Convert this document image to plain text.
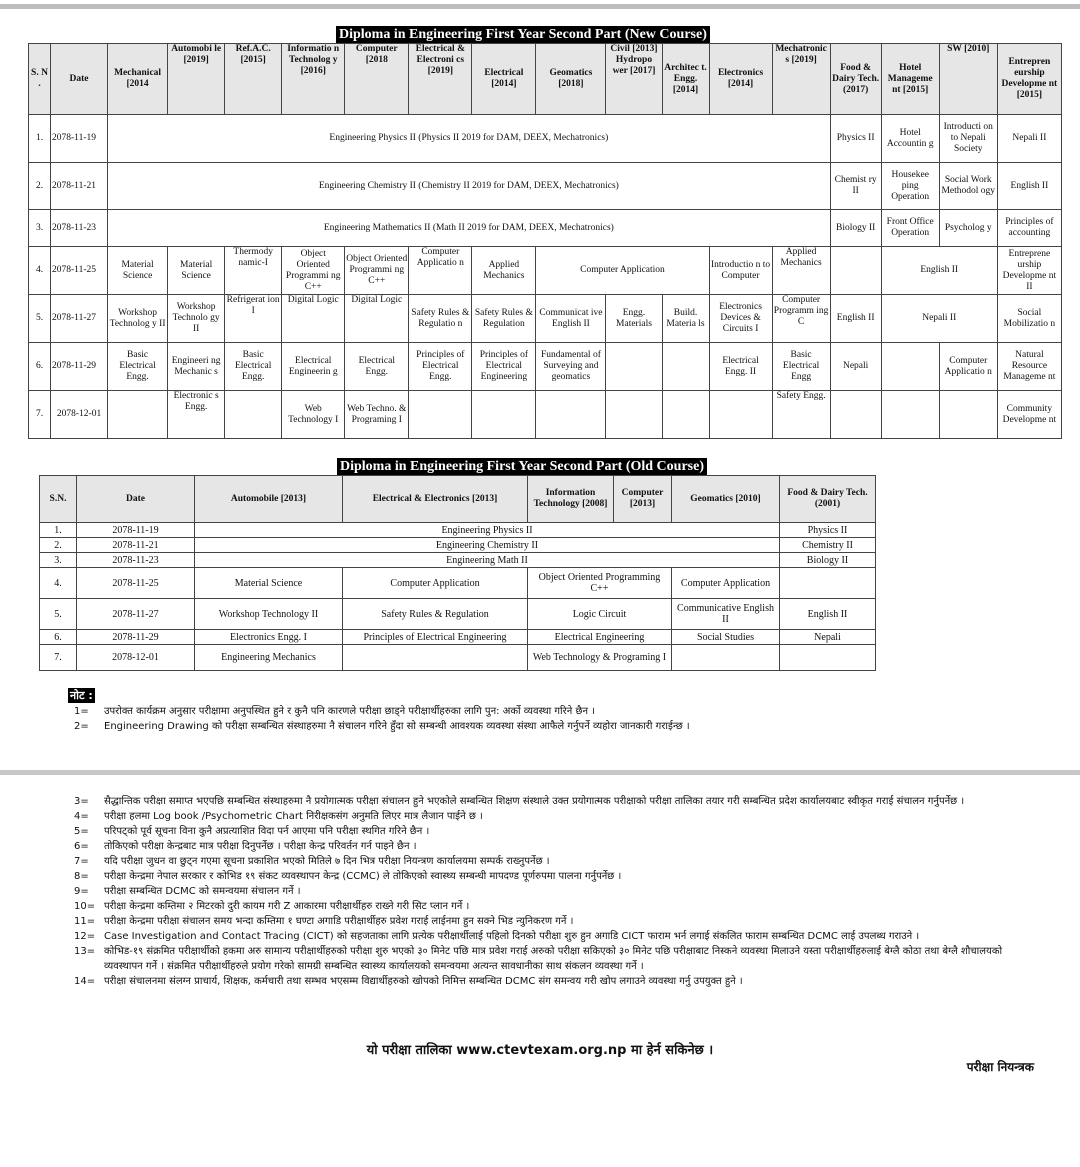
Diploma in Engineering First Year Second Part (New Course)
S. N .	Date	Mechanical [2014	Automobi le [2019]	Ref.A.C. [2015]	Informatio n Technolog y [2016]	Computer [2018	Electrical & Electroni cs [2019]	Electrical [2014]	Geomatics [2018]	Civil [2013] Hydropo wer [2017]	Architec t. Engg. [2014]	Electronics [2014]	Mechatronic s [2019]	Food & Dairy Tech. (2017)	Hotel Manageme nt [2015]	SW [2010]	Entrepren eurship Developme nt [2015]
1.	2078-11-19	Engineering Physics II (Physics II 2019 for DAM, DEEX, Mechatronics)												Physics II	Hotel Accountin g	Introducti on to Nepali Society	Nepali II
2.	2078-11-21	Engineering Chemistry II (Chemistry II 2019 for DAM, DEEX, Mechatronics)												Chemist ry II	Housekee ping Operation	Social Work Methodol ogy	English II
3.	2078-11-23	Engineering Mathematics II (Math II 2019 for DAM, DEEX, Mechatronics)												Biology II	Front Office Operation	Psycholog y	Principles of accounting
4.	2078-11-25	Material Science	Material Science	Thermody namic-I	Object Oriented Programmi ng C++	Object Oriented Programmi ng C++	Computer Applicatio n	Applied Mechanics	Computer Application			Introductio n to Computer	Applied Mechanics		English II		Entreprene urship Developme nt II
5.	2078-11-27	Workshop Technolog y II	Workshop Technolo gy II	Refrigerat ion I	Digital Logic	Digital Logic	Safety Rules & Regulatio n	Safety Rules & Regulation	Communicat ive English II	Engg. Materials	Build. Materia ls	Electronics Devices & Circuits I	Computer Programm ing C	English II	Nepali II		Social Mobilizatio n
6.	2078-11-29	Basic Electrical Engg.	Engineeri ng Mechanic s	Basic Electrical Engg.	Electrical Engineerin g	Electrical Engg.	Principles of Electrical Engg.	Principles of Electrical Engineering	Fundamental of Surveying and geomatics			Electrical Engg. II	Basic Electrical Engg	Nepali		Computer Applicatio n	Natural Resource Manageme nt
7.	2078-12-01		Electronic s Engg.		Web Technology I	Web Techno. & Programing I							Safety Engg.				Community Developme nt
Diploma in Engineering First Year Second Part (Old Course)
S.N.	Date	Automobile [2013]	Electrical & Electronics [2013]	Information Technology [2008]	Computer [2013]	Geomatics [2010]	Food & Dairy Tech. (2001)
1.	2078-11-19	Engineering Physics II					Physics II
2.	2078-11-21	Engineering Chemistry II					Chemistry II
3.	2078-11-23	Engineering Math II					Biology II
4.	2078-11-25	Material Science	Computer Application	Object Oriented Programming C++		Computer Application	
5.	2078-11-27	Workshop Technology II	Safety Rules & Regulation	Logic Circuit		Communicative English II	English II
6.	2078-11-29	Electronics Engg. I	Principles of Electrical Engineering	Electrical Engineering		Social Studies	Nepali
7.	2078-12-01	Engineering Mechanics		Web Technology & Programing I			
नोट :
1=	उपरोक्त कार्यक्रम अनुसार परीक्षामा अनुपस्थित हुने र कुनै पनि कारणले परीक्षा छाड्ने परीक्षार्थीहरुका लागि पुन: अर्को व्यवस्था गरिने छैन ।
2=	Engineering Drawing को परीक्षा सम्बन्धित संस्थाहरुमा नै संचालन गरिने हुँदा सो सम्बन्धी आवश्यक व्यवस्था संस्था आफैले गर्नुपर्ने व्यहोरा जानकारी गराईन्छ ।
3=	सैद्धान्तिक परीक्षा समाप्त भएपछि सम्बन्धित संस्थाहरुमा नै प्रयोगात्मक परीक्षा संचालन हुने भएकोले सम्बन्धित शिक्षण संस्थाले उक्त प्रयोगात्मक परीक्षाको परीक्षा तालिका तयार गरी सम्बन्धित प्रदेश कार्यालयबाट स्वीकृत गराई संचालन गर्नुपर्नेछ ।
4=	परीक्षा हलमा Log book /Psychometric Chart निरीक्षकसंग अनुमति लिएर मात्र लैजान पाईने छ ।
5=	परिपट्को पूर्व सूचना विना कुनै अप्रत्याशित विदा पर्न आएमा पनि परीक्षा स्थगित गरिने छैन ।
6=	तोकिएको परीक्षा केन्द्रबाट मात्र परीक्षा दिनुपर्नेछ । परीक्षा केन्द्र परिवर्तन गर्न पाइने छैन ।
7=	यदि परीक्षा जुधन वा छुट्न गएमा सूचना प्रकाशित भएको मितिले ७ दिन भित्र परीक्षा नियन्त्रण कार्यालयमा सम्पर्क राख्नुपर्नेछ ।
8=	परीक्षा केन्द्रमा नेपाल सरकार र कोभिड १९ संकट व्यवस्थापन केन्द्र (CCMC) ले तोकिएको स्वास्थ्य सम्बन्धी मापदण्ड पूर्णरुपमा पालना गर्नुपर्नेछ ।
9=	परीक्षा सम्बन्धित DCMC को समन्वयमा संचालन गर्ने ।
10= परीक्षा केन्द्रमा कम्तिमा २ मिटरको दुरी कायम गरी Z आकारमा परीक्षार्थीहरु राख्ने गरी सिट प्लान गर्ने ।
11= परीक्षा केन्द्रमा परीक्षा संचालन समय भन्दा कम्तिमा १ घण्टा अगाडि परीक्षार्थीहरु प्रवेश गराई लाईनमा हुन सक्ने भिड न्युनिकरण गर्ने ।
12= Case Investigation and Contact Tracing (CICT) को सहजताका लागि प्रत्येक परीक्षार्थीलाई पहिलो दिनको परीक्षा शुरु हुन अगाडि CICT फाराम भर्न लगाई संकलित फाराम सम्बन्धित DCMC लाई उपलब्ध गराउने ।
13= कोभिड-१९ संक्रमित परीक्षार्थीको हकमा अरु सामान्य परीक्षार्थीहरुको परीक्षा शुरु भएको ३० मिनेट पछि मात्र प्रवेश गराई अरुको परीक्षा सकिएको ३० मिनेट पछि परीक्षाबाट निस्कने व्यवस्था मिलाउने यस्ता परीक्षार्थीहरुलाई बेग्लै कोठा तथा बेग्लै शौचालयको व्यवस्थापन गर्ने । संक्रमित परीक्षार्थीहरुले प्रयोग गरेको सामग्री सम्बन्धित स्वास्थ्य कार्यालयको समन्वयमा अत्यन्त सावधानीका साथ संकलन व्यवस्था गर्ने ।
14= परीक्षा संचालनमा संलग्न प्राचार्य, शिक्षक, कर्मचारी तथा सम्भव भएसम्म विद्यार्थीहरुको खोपको निमित्त सम्बन्धित DCMC संग समन्वय गरी खोप लगाउने व्यवस्था गर्नु उपयुक्त हुने ।
यो परीक्षा तालिका www.ctevtexam.org.np मा हेर्न सकिनेछ ।
परीक्षा नियन्त्रक
